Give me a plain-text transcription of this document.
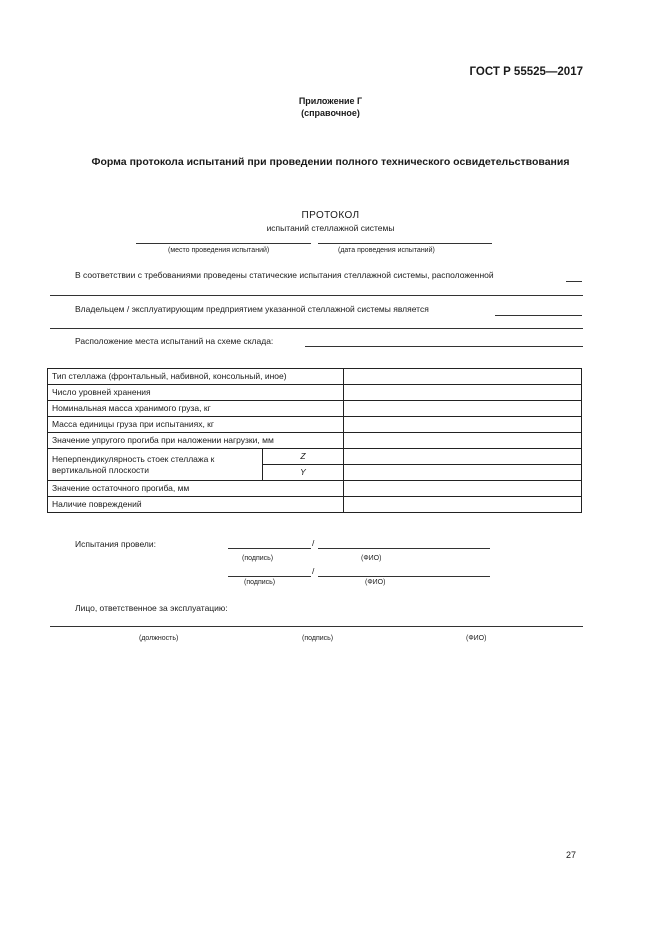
ГОСТ Р 55525—2017
Приложение Г
(справочное)
Форма протокола испытаний при проведении полного технического освидетельствования
ПРОТОКОЛ
испытаний стеллажной системы
(место проведения испытаний)	(дата проведения испытаний)
В соответствии с требованиями проведены статические испытания стеллажной системы, расположенной
Владельцем / эксплуатирующим предприятием указанной стеллажной системы является
Расположение места испытаний на схеме склада:
Тип стеллажа (фронтальный, набивной, консольный, иное)		
Число уровней хранения		
Номинальная масса хранимого груза, кг		
Масса единицы груза при испытаниях, кг		
Значение упругого прогиба при наложении нагрузки, мм		
Неперпендикулярность стоек стеллажа к вертикальной плоскости	Z	
	Y	
Значение остаточного прогиба, мм		
Наличие повреждений		
Испытания провели:	/
(подпись)	(ФИО)
/
(подпись)	(ФИО)
Лицо, ответственное за эксплуатацию:
(должность)	(подпись)	(ФИО)
27
